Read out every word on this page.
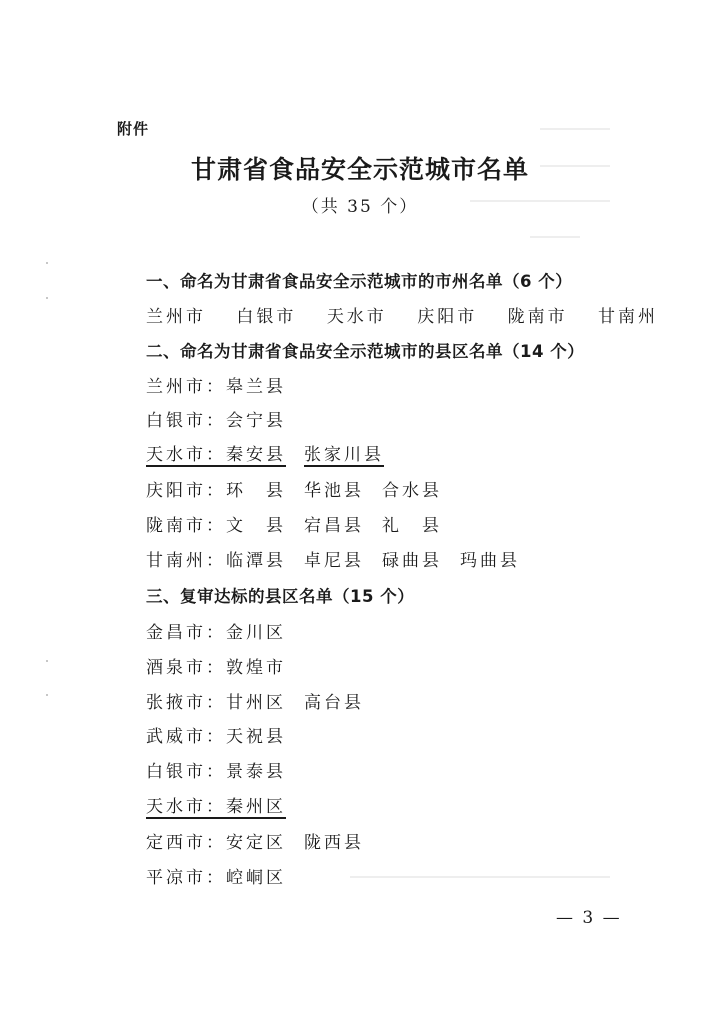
附件
甘肃省食品安全示范城市名单
（共 35 个）
一、命名为甘肃省食品安全示范城市的市州名单（6 个）
兰州市 白银市 天水市 庆阳市 陇南市 甘南州
二、命名为甘肃省食品安全示范城市的县区名单（14 个）
兰州市：皋兰县
白银市：会宁县
天水市：秦安县 张家川县
庆阳市：环　县 华池县 合水县
陇南市：文　县 宕昌县 礼　县
甘南州：临潭县 卓尼县 碌曲县 玛曲县
三、复审达标的县区名单（15 个）
金昌市：金川区
酒泉市：敦煌市
张掖市：甘州区 高台县
武威市：天祝县
白银市：景泰县
天水市：秦州区
定西市：安定区 陇西县
平凉市：崆峒区
— 3 —
